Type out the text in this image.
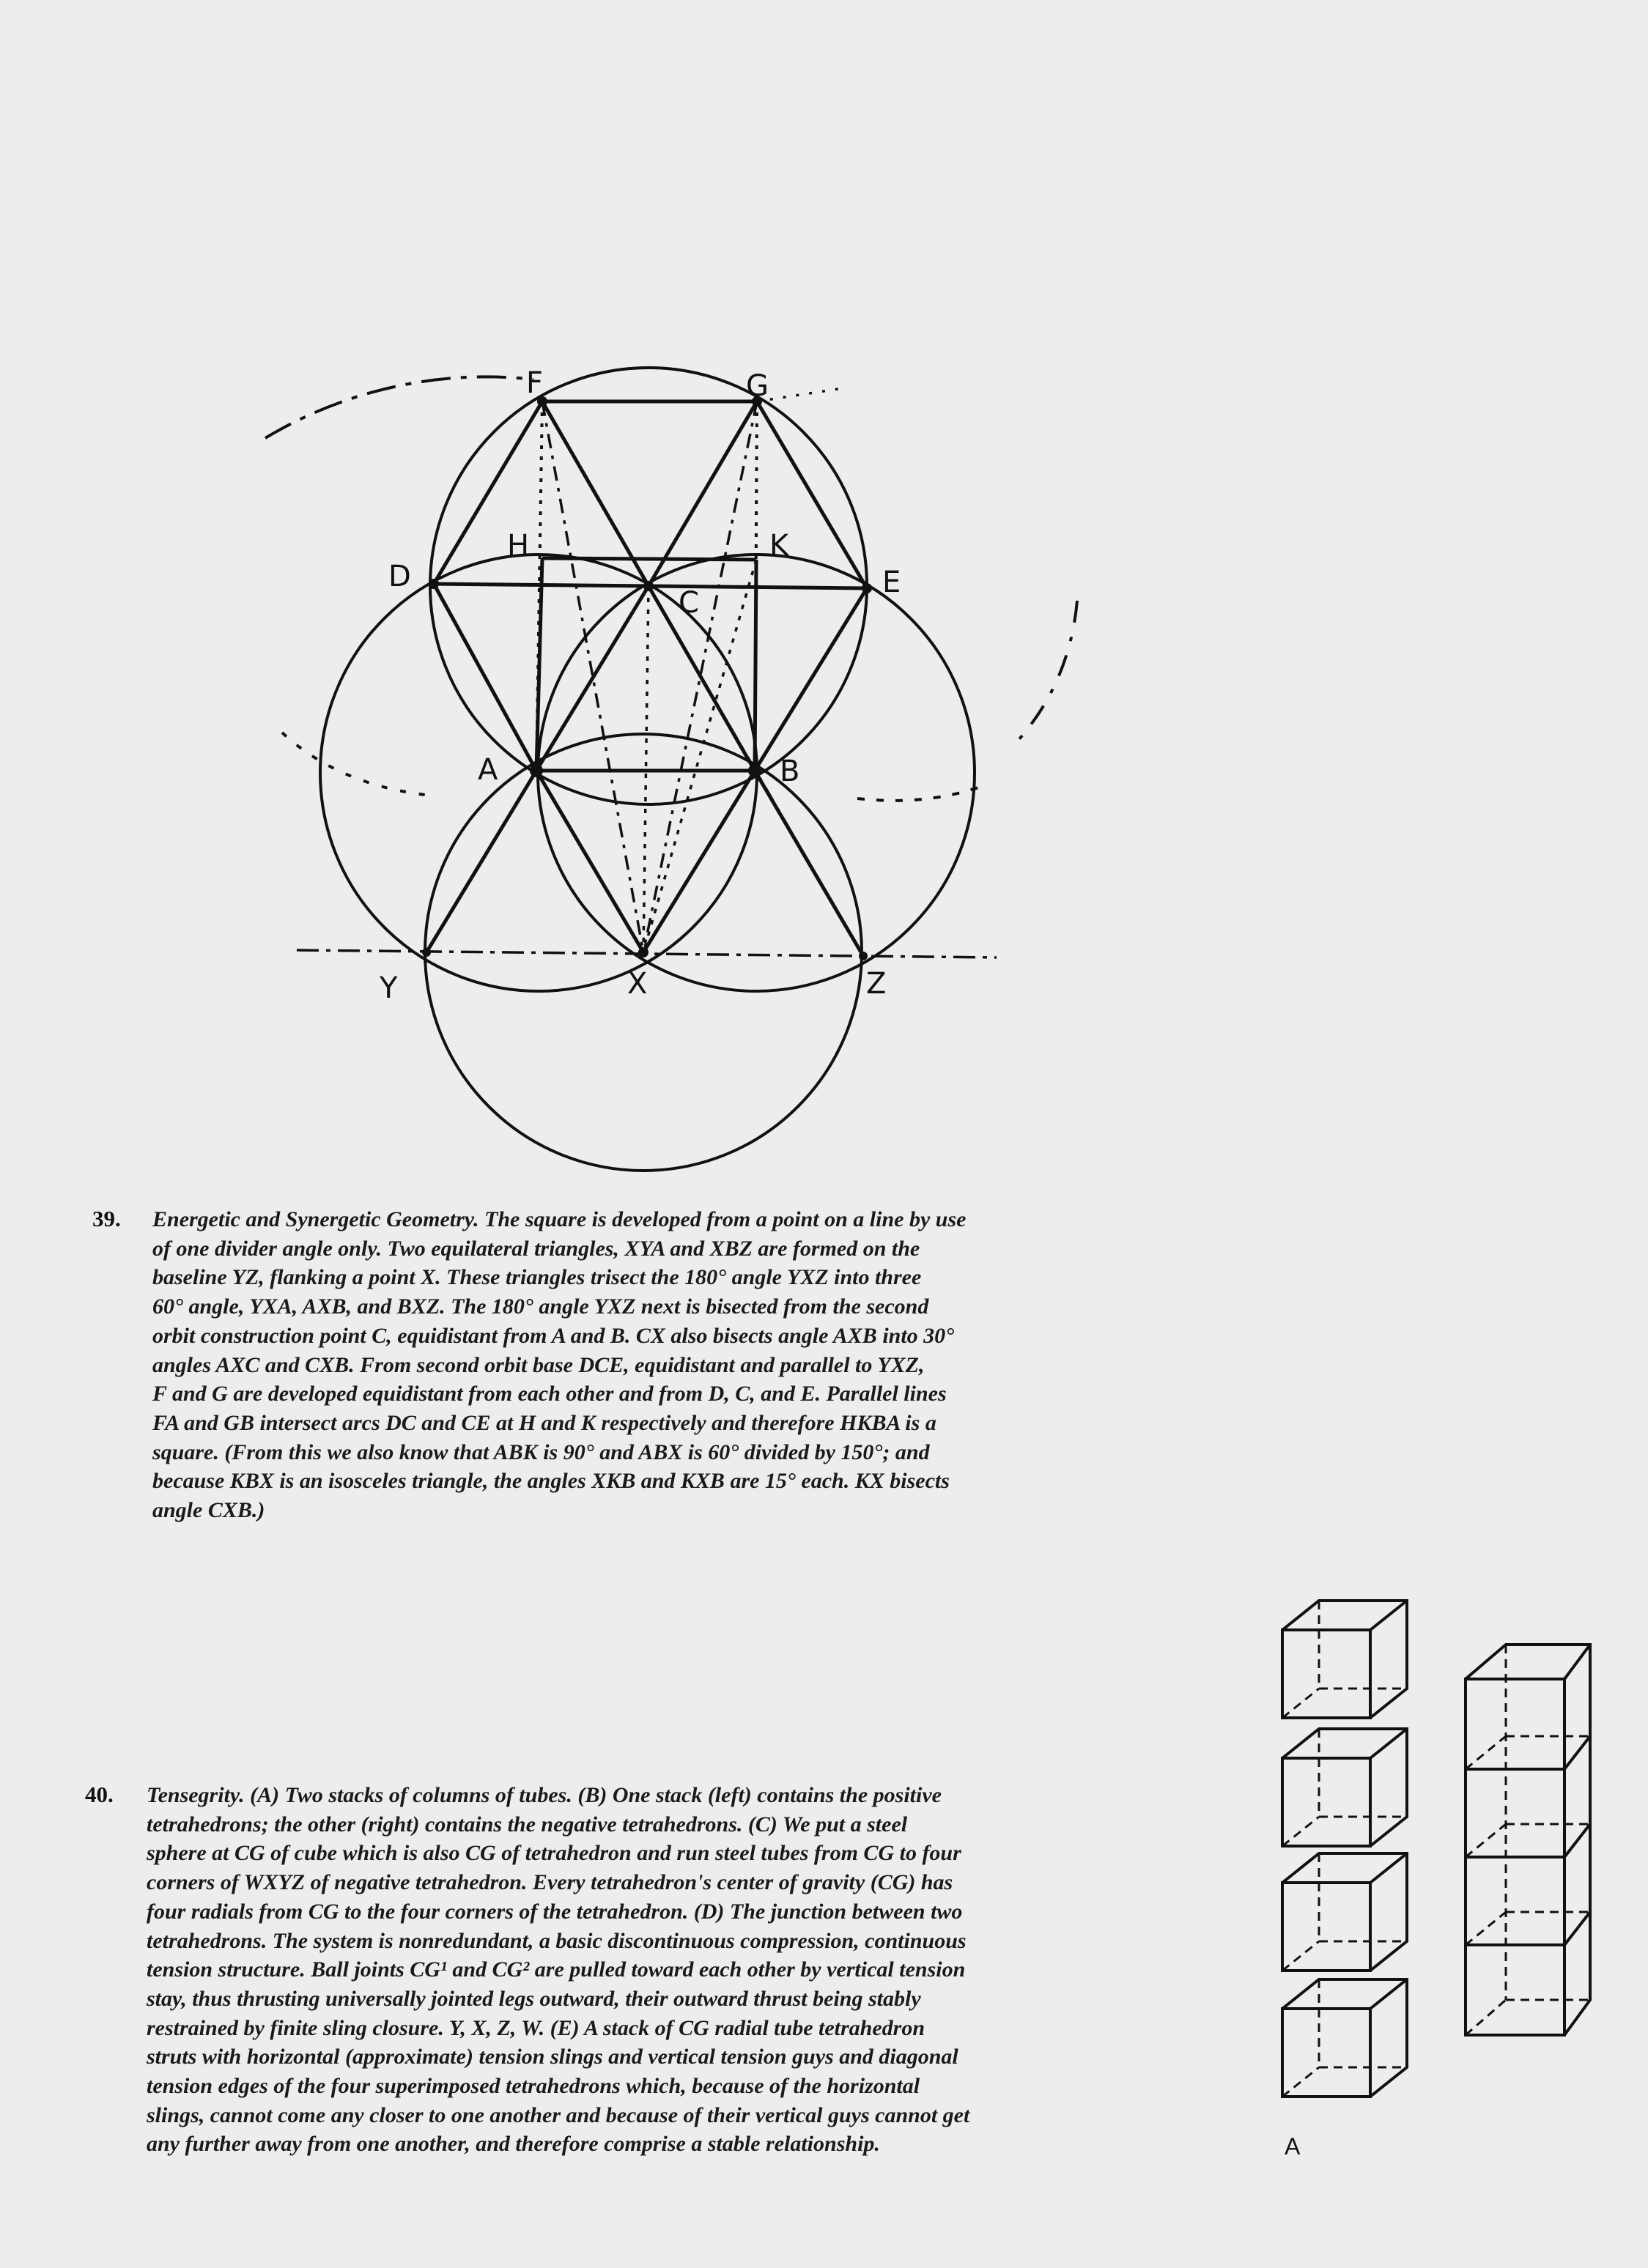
F	G
H	K
D	E
C
A	B
Y	X	Z
39. Energetic and Synergetic Geometry. The square is developed from a point on a line by use
of one divider angle only. Two equilateral triangles, XYA and XBZ are formed on the
baseline YZ, flanking a point X. These triangles trisect the 180° angle YXZ into three
60° angle, YXA, AXB, and BXZ. The 180° angle YXZ next is bisected from the second
orbit construction point C, equidistant from A and B. CX also bisects angle AXB into 30°
angles AXC and CXB. From second orbit base DCE, equidistant and parallel to YXZ,
F and G are developed equidistant from each other and from D, C, and E. Parallel lines
FA and GB intersect arcs DC and CE at H and K respectively and therefore HKBA is a
square. (From this we also know that ABK is 90° and ABX is 60° divided by 150°; and
because KBX is an isosceles triangle, the angles XKB and KXB are 15° each. KX bisects
angle CXB.)
40. Tensegrity. (A) Two stacks of columns of tubes. (B) One stack (left) contains the positive
tetrahedrons; the other (right) contains the negative tetrahedrons. (C) We put a steel
sphere at CG of cube which is also CG of tetrahedron and run steel tubes from CG to four
corners of WXYZ of negative tetrahedron. Every tetrahedron's center of gravity (CG) has
four radials from CG to the four corners of the tetrahedron. (D) The junction between two
tetrahedrons. The system is nonredundant, a basic discontinuous compression, continuous
tension structure. Ball joints CG¹ and CG² are pulled toward each other by vertical tension
stay, thus thrusting universally jointed legs outward, their outward thrust being stably
restrained by finite sling closure. Y, X, Z, W. (E) A stack of CG radial tube tetrahedron
struts with horizontal (approximate) tension slings and vertical tension guys and diagonal
tension edges of the four superimposed tetrahedrons which, because of the horizontal
slings, cannot come any closer to one another and because of their vertical guys cannot get
any further away from one another, and therefore comprise a stable relationship.	A
